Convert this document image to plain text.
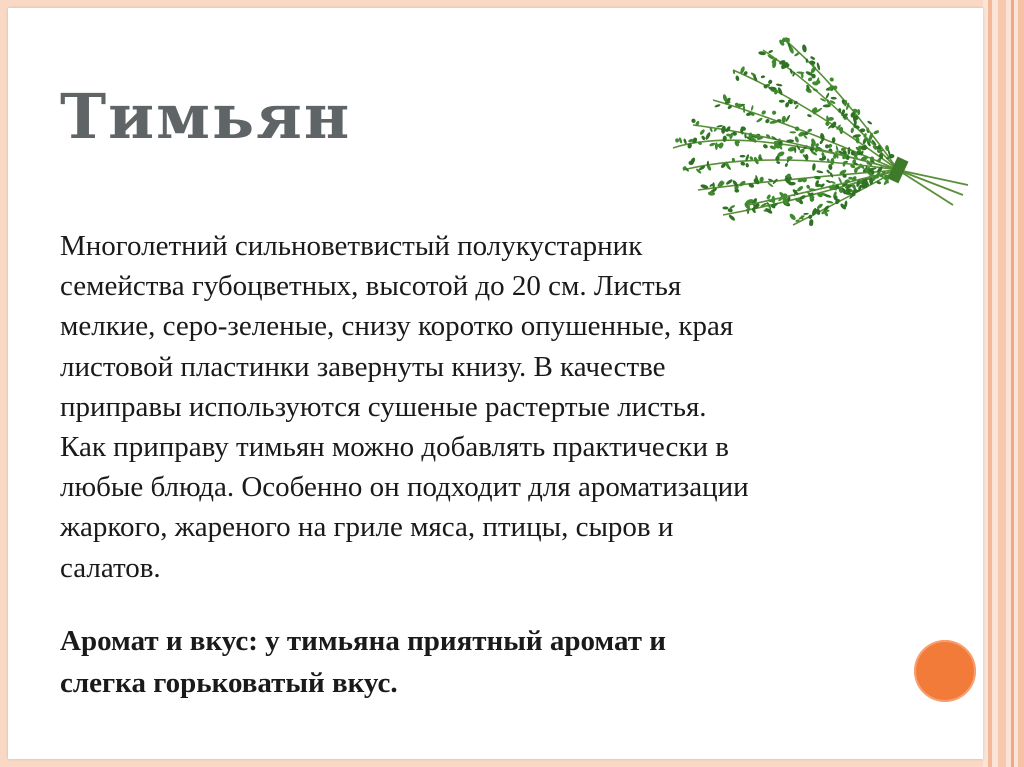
Тимьян

Многолетний сильноветвистый полукустарник
семейства губоцветных, высотой до 20 см. Листья
мелкие, серо-зеленые, снизу коротко опушенные, края
листовой пластинки завернуты книзу. В качестве
приправы используются сушеные растертые листья.
Как приправу тимьян можно добавлять практически в
любые блюда. Особенно он подходит для ароматизации
жаркого, жареного на гриле мяса, птицы, сыров и
салатов.

Аромат и вкус: у тимьяна приятный аромат и
слегка горьковатый вкус.
